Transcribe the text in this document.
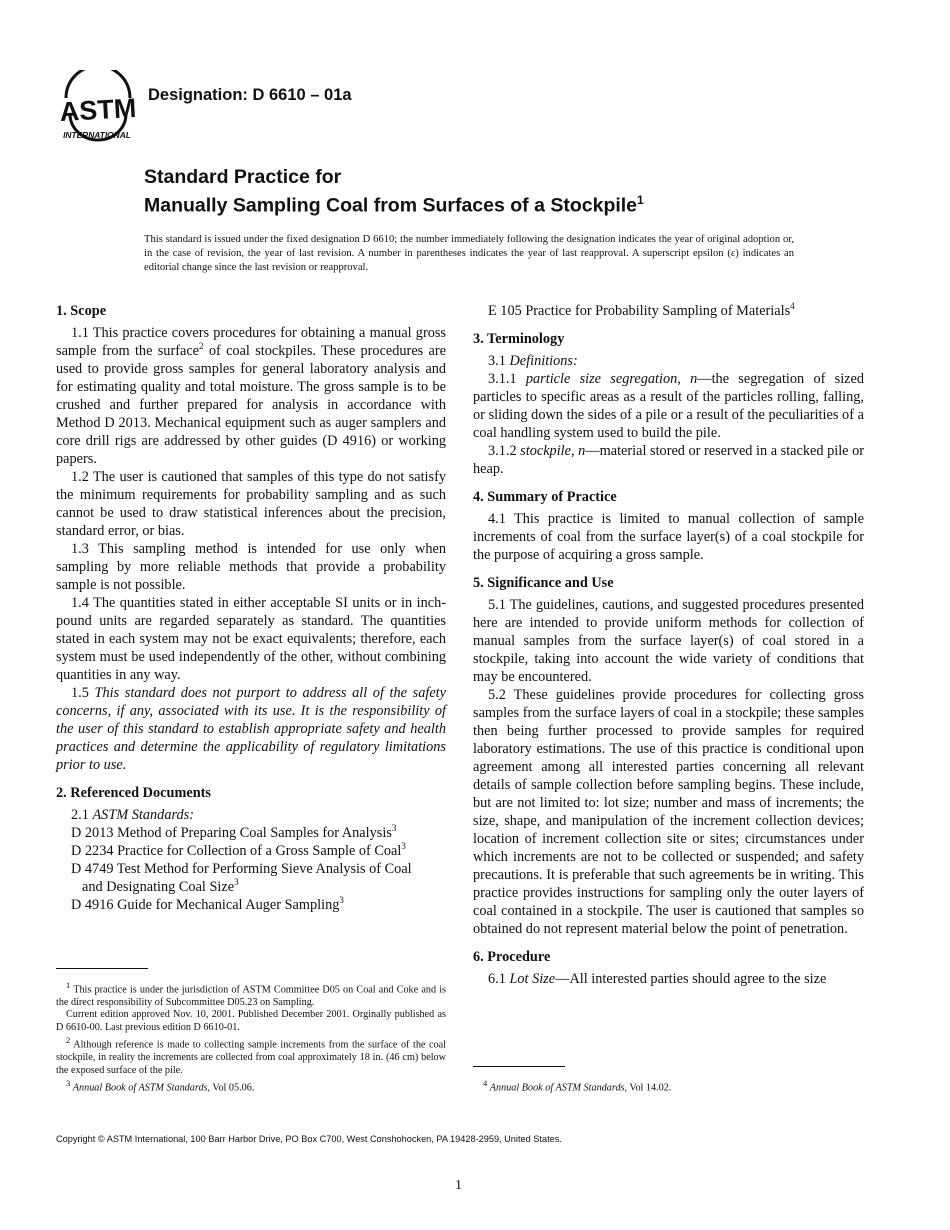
ASTM
INTERNATIONAL
Designation: D 6610 – 01a
Standard Practice for
Manually Sampling Coal from Surfaces of a Stockpile$^1$
This standard is issued under the fixed designation D 6610; the number immediately following the designation indicates the year of original adoption or, in the case of revision, the year of last revision. A number in parentheses indicates the year of last reapproval. A superscript epsilon (ε) indicates an editorial change since the last revision or reapproval.
1. Scope

1.1 This practice covers procedures for obtaining a manual gross sample from the surface$^2$ of coal stockpiles. These procedures are used to provide gross samples for general laboratory analysis and for estimating quality and total moisture. The gross sample is to be crushed and further prepared for analysis in accordance with Method D 2013. Mechanical equipment such as auger samplers and core drill rigs are addressed by other guides (D 4916) or working papers.

1.2 The user is cautioned that samples of this type do not satisfy the minimum requirements for probability sampling and as such cannot be used to draw statistical inferences about the precision, standard error, or bias.

1.3 This sampling method is intended for use only when sampling by more reliable methods that provide a probability sample is not possible.

1.4 The quantities stated in either acceptable SI units or in inch-pound units are regarded separately as standard. The quantities stated in each system may not be exact equivalents; therefore, each system must be used independently of the other, without combining quantities in any way.

1.5 This standard does not purport to address all of the safety concerns, if any, associated with its use. It is the responsibility of the user of this standard to establish appropriate safety and health practices and determine the applicability of regulatory limitations prior to use.

2. Referenced Documents

2.1 ASTM Standards:

D 2013 Method of Preparing Coal Samples for Analysis$^3$

D 2234 Practice for Collection of a Gross Sample of Coal$^3$

D 4749 Test Method for Performing Sieve Analysis of Coal
and Designating Coal Size$^3$

D 4916 Guide for Mechanical Auger Sampling$^3$

$^1$ This practice is under the jurisdiction of ASTM Committee D05 on Coal and Coke and is the direct responsibility of Subcommittee D05.23 on Sampling.

Current edition approved Nov. 10, 2001. Published December 2001. Orginally published as D 6610-00. Last previous edition D 6610-01.

$^2$ Although reference is made to collecting sample increments from the surface of the coal stockpile, in reality the increments are collected from coal approximately 18 in. (46 cm) below the exposed surface of the pile.

$^3$ Annual Book of ASTM Standards, Vol 05.06.

E 105 Practice for Probability Sampling of Materials$^4$

3. Terminology

3.1 Definitions:

3.1.1 particle size segregation, n—the segregation of sized particles to specific areas as a result of the particles rolling, falling, or sliding down the sides of a pile or a result of the peculiarities of a coal handling system used to build the pile.

3.1.2 stockpile, n—material stored or reserved in a stacked pile or heap.

4. Summary of Practice

4.1 This practice is limited to manual collection of sample increments of coal from the surface layer(s) of a coal stockpile for the purpose of acquiring a gross sample.

5. Significance and Use

5.1 The guidelines, cautions, and suggested procedures presented here are intended to provide uniform methods for collection of manual samples from the surface layer(s) of coal stored in a stockpile, taking into account the wide variety of conditions that may be encountered.

5.2 These guidelines provide procedures for collecting gross samples from the surface layers of coal in a stockpile; these samples then being further processed to provide samples for required laboratory estimations. The use of this practice is conditional upon agreement among all interested parties concerning all relevant details of sample collection before sampling begins. These include, but are not limited to: lot size; number and mass of increments; the size, shape, and manipulation of the increment collection devices; location of increment collection site or sites; circumstances under which increments are not to be collected or suspended; and safety precautions. It is preferable that such agreements be in writing. This practice provides instructions for sampling only the outer layers of coal contained in a stockpile. The user is cautioned that samples so obtained do not represent material below the point of penetration.

6. Procedure

6.1 Lot Size—All interested parties should agree to the size

$^4$ Annual Book of ASTM Standards, Vol 14.02.

Copyright © ASTM International, 100 Barr Harbor Drive, PO Box C700, West Conshohocken, PA 19428-2959, United States.
1
